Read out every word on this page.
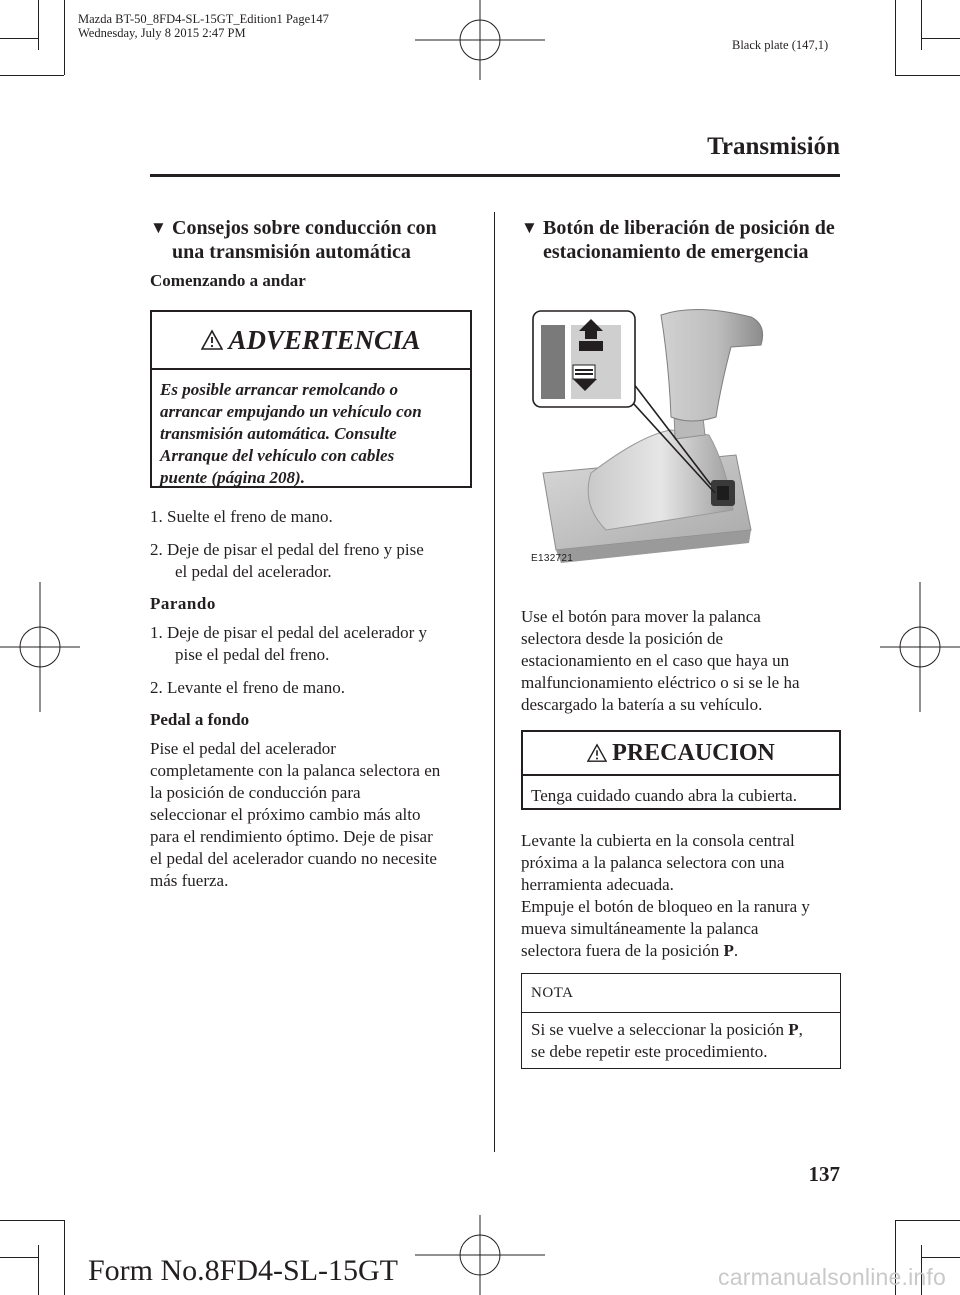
Mazda BT-50_8FD4-SL-15GT_Edition1 Page147
Wednesday, July 8 2015 2:47 PM
Black plate (147,1)
Transmisión
▼ Consejos sobre conducción con
una transmisión automática
Comenzando a andar
ADVERTENCIA
Es posible arrancar remolcando o
arrancar empujando un vehículo con
transmisión automática. Consulte
Arranque del vehículo con cables
puente (página 208).
1. Suelte el freno de mano.
2. Deje de pisar el pedal del freno y pise
el pedal del acelerador.
Parando
1. Deje de pisar el pedal del acelerador y
pise el pedal del freno.
2. Levante el freno de mano.
Pedal a fondo
Pise el pedal del acelerador
completamente con la palanca selectora en
la posición de conducción para
seleccionar el próximo cambio más alto
para el rendimiento óptimo. Deje de pisar
el pedal del acelerador cuando no necesite
más fuerza.
▼ Botón de liberación de posición de
estacionamiento de emergencia
E132721
Use el botón para mover la palanca
selectora desde la posición de
estacionamiento en el caso que haya un
malfuncionamiento eléctrico o si se le ha
descargado la batería a su vehículo.
PRECAUCION
Tenga cuidado cuando abra la cubierta.
Levante la cubierta en la consola central
próxima a la palanca selectora con una
herramienta adecuada.
Empuje el botón de bloqueo en la ranura y
mueva simultáneamente la palanca
selectora fuera de la posición P.
NOTA
Si se vuelve a seleccionar la posición P,
se debe repetir este procedimiento.
137
Form No.8FD4-SL-15GT	carmanualsonline.info
